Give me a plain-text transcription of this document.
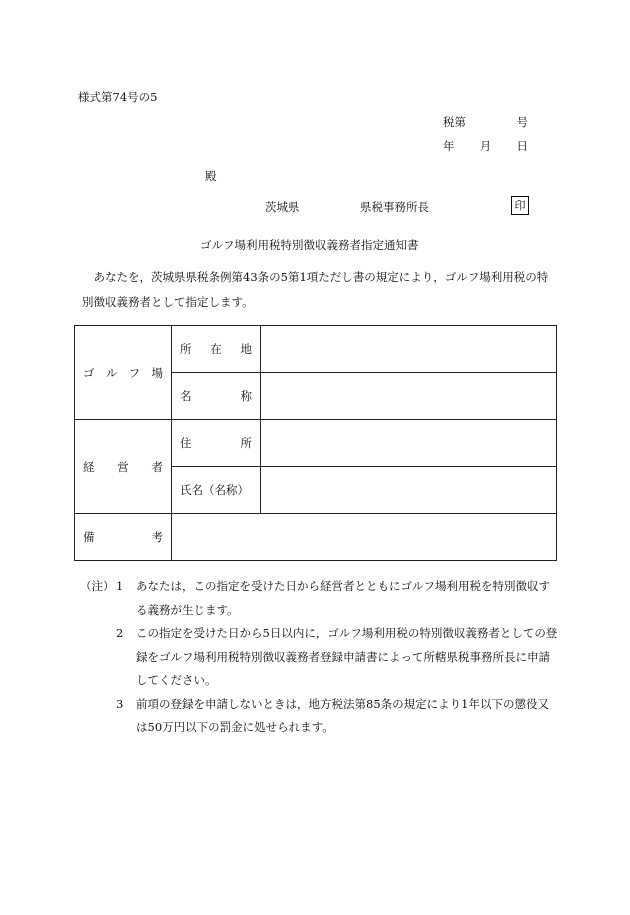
様式第74号の5
税第	号
年 月 日
殿
茨城県	県税事務所長	印
ゴルフ場利用税特別徴収義務者指定通知書
あなたを，茨城県県税条例第43条の5第1項ただし書の規定により，ゴルフ場利用税の特別徴収義務者として指定します。
ゴ ル フ 場	所 在 地	

	名 称	

経 営 者	住 所	

	氏名（名称）	

備 考		

（注） 1	あなたは，この指定を受けた日から経営者とともにゴルフ場利用税を特別徴収する義務が生じます。
2	この指定を受けた日から5日以内に，ゴルフ場利用税の特別徴収義務者としての登録をゴルフ場利用税特別徴収義務者登録申請書によって所轄県税事務所長に申請してください。
3	前項の登録を申請しないときは，地方税法第85条の規定により1年以下の懲役又は50万円以下の罰金に処せられます。
